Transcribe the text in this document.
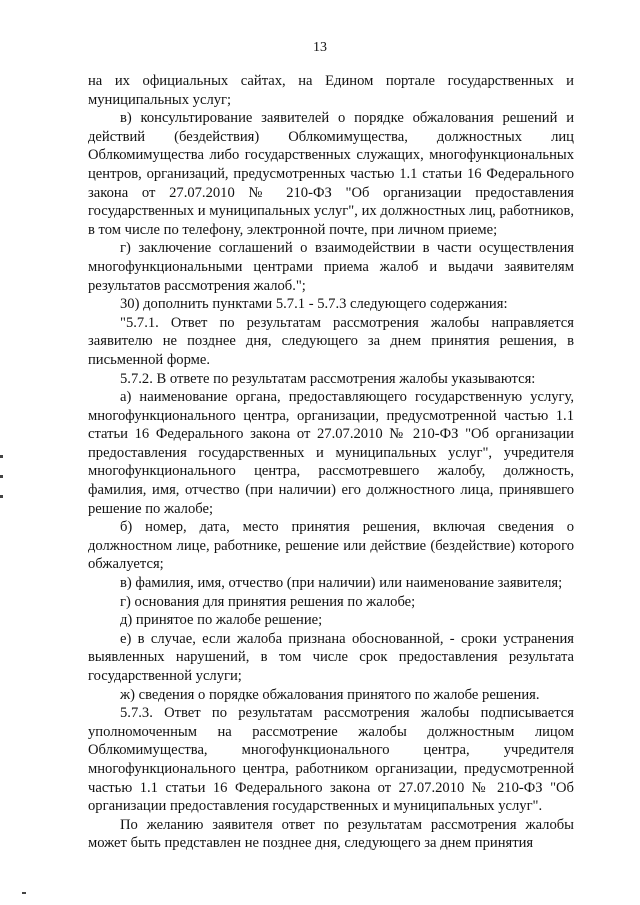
13

на их официальных сайтах, на Едином портале государственных и муниципальных услуг;

в) консультирование заявителей о порядке обжалования решений и действий (бездействия) Облкомимущества, должностных лиц Облкомимущества либо государственных служащих, многофункциональных центров, организаций, предусмотренных частью 1.1 статьи 16 Федерального закона от 27.07.2010 № 210-ФЗ "Об организации предоставления государственных и муниципальных услуг", их должностных лиц, работников, в том числе по телефону, электронной почте, при личном приеме;

г) заключение соглашений о взаимодействии в части осуществления многофункциональными центрами приема жалоб и выдачи заявителям результатов рассмотрения жалоб.";

30) дополнить пунктами 5.7.1 - 5.7.3 следующего содержания:

"5.7.1. Ответ по результатам рассмотрения жалобы направляется заявителю не позднее дня, следующего за днем принятия решения, в письменной форме.

5.7.2. В ответе по результатам рассмотрения жалобы указываются:

а) наименование органа, предоставляющего государственную услугу, многофункционального центра, организации, предусмотренной частью 1.1 статьи 16 Федерального закона от 27.07.2010 № 210-ФЗ "Об организации предоставления государственных и муниципальных услуг", учредителя многофункционального центра, рассмотревшего жалобу, должность, фамилия, имя, отчество (при наличии) его должностного лица, принявшего решение по жалобе;

б) номер, дата, место принятия решения, включая сведения о должностном лице, работнике, решение или действие (бездействие) которого обжалуется;

в) фамилия, имя, отчество (при наличии) или наименование заявителя;

г) основания для принятия решения по жалобе;

д) принятое по жалобе решение;

е) в случае, если жалоба признана обоснованной, - сроки устранения выявленных нарушений, в том числе срок предоставления результата государственной услуги;

ж) сведения о порядке обжалования принятого по жалобе решения.

5.7.3. Ответ по результатам рассмотрения жалобы подписывается уполномоченным на рассмотрение жалобы должностным лицом Облкомимущества, многофункционального центра, учредителя многофункционального центра, работником организации, предусмотренной частью 1.1 статьи 16 Федерального закона от 27.07.2010 № 210-ФЗ "Об организации предоставления государственных и муниципальных услуг".

По желанию заявителя ответ по результатам рассмотрения жалобы может быть представлен не позднее дня, следующего за днем принятия
